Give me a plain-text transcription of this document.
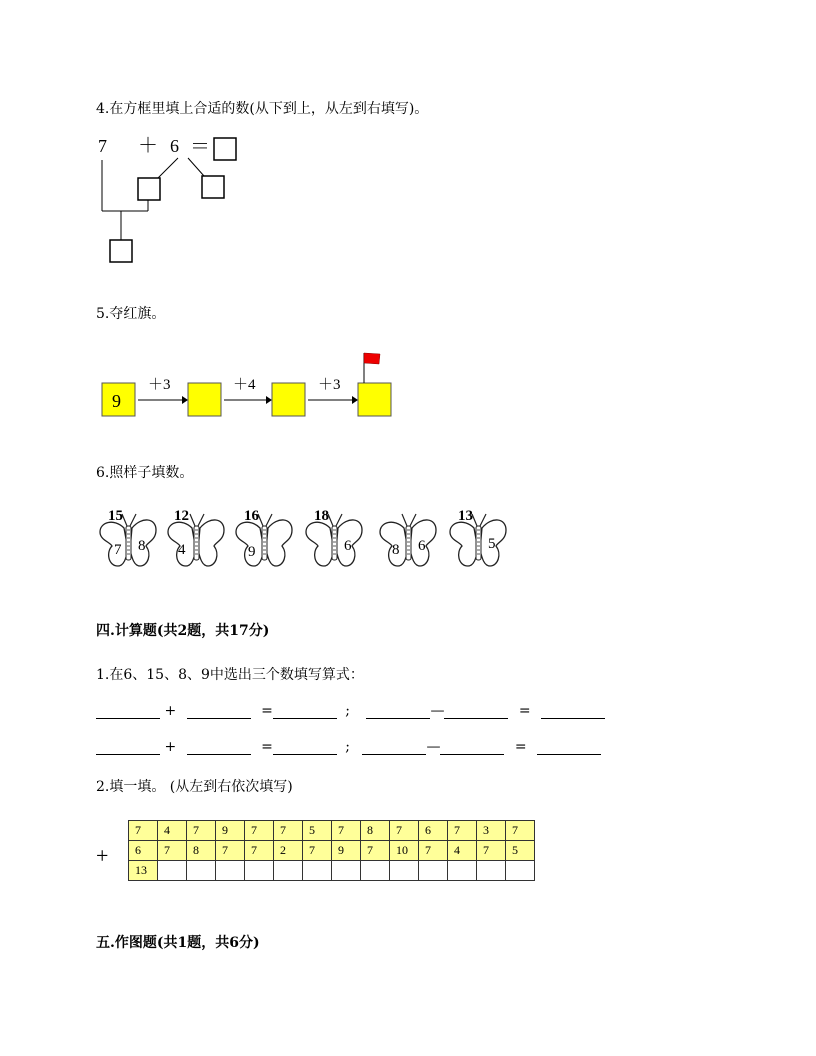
4.在方框里填上合适的数(从下到上，从左到右填写)。
7 ＋ 6 ＝
5.夺红旗。
9
＋3	＋4	＋3
6.照样子填数。
15
7 8
12
4
16
9
18
6	8 6
13
5
四.计算题(共2题，共17分)
1.在6、15、8、9中选出三个数填写算式：
+	=	;	—	=
+	=	;	—	=
2.填一填。 (从左到右依次填写)
+
7	4	7	9	7	7	5	7	8	7	6	7	3	7
6	7	8	7	7	2	7	9	7	10	7	4	7	5
13													
五.作图题(共1题，共6分)
